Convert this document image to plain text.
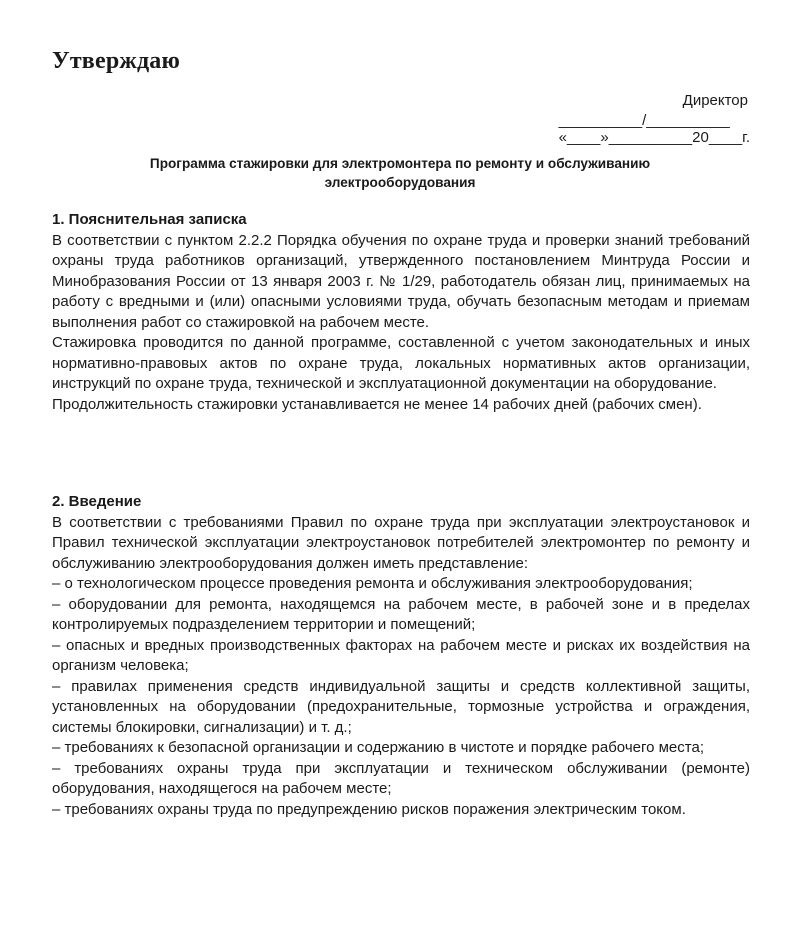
Утверждаю
Директор
__________/__________
«____»__________20____г.
Программа стажировки для электромонтера по ремонту и обслуживанию
электрооборудования
1. Пояснительная записка

В соответствии с пунктом 2.2.2 Порядка обучения по охране труда и проверки знаний требований охраны труда работников организаций, утвержденного постановлением Минтруда России и Минобразования России от 13 января 2003 г. № 1/29, работодатель обязан лиц, принимаемых на работу с вредными и (или) опасными условиями труда, обучать безопасным методам и приемам выполнения работ со стажировкой на рабочем месте.

Стажировка проводится по данной программе, составленной с учетом законодательных и иных нормативно-правовых актов по охране труда, локальных нормативных актов организации, инструкций по охране труда, технической и эксплуатационной документации на оборудование.

Продолжительность стажировки устанавливается не менее 14 рабочих дней (рабочих смен).

2. Введение

В соответствии с требованиями Правил по охране труда при эксплуатации электроустановок и Правил технической эксплуатации электроустановок потребителей электромонтер по ремонту и обслуживанию электрооборудования должен иметь представление:

– о технологическом процессе проведения ремонта и обслуживания электрооборудования;

– оборудовании для ремонта, находящемся на рабочем месте, в рабочей зоне и в пределах контролируемых подразделением территории и помещений;

– опасных и вредных производственных факторах на рабочем месте и рисках их воздействия на организм человека;

– правилах применения средств индивидуальной защиты и средств коллективной защиты, установленных на оборудовании (предохранительные, тормозные устройства и ограждения, системы блокировки, сигнализации) и т. д.;

– требованиях к безопасной организации и содержанию в чистоте и порядке рабочего места;

– требованиях охраны труда при эксплуатации и техническом обслуживании (ремонте) оборудования, находящегося на рабочем месте;

– требованиях охраны труда по предупреждению рисков поражения электрическим током.
